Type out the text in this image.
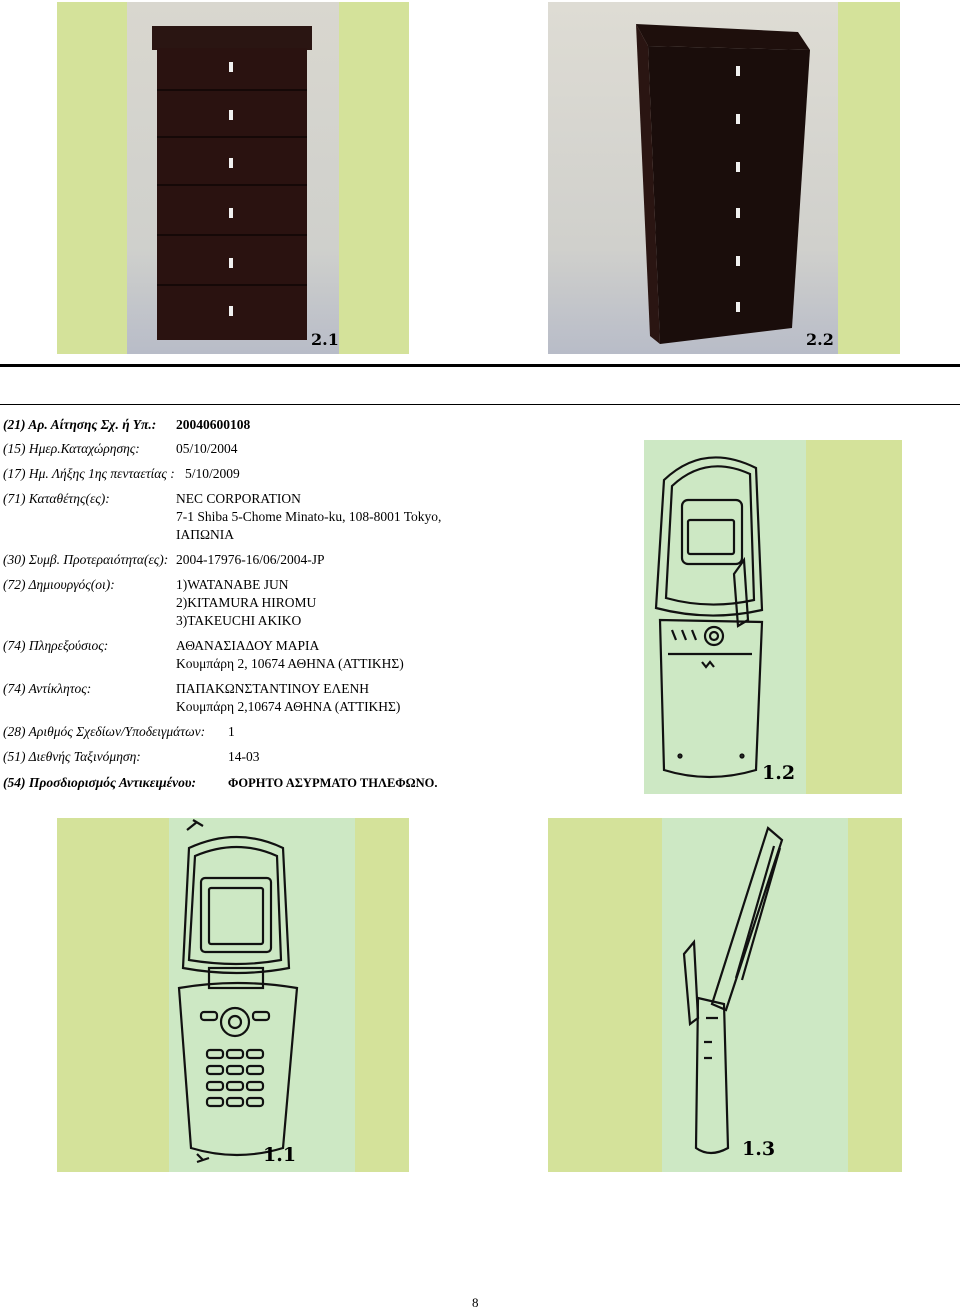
2.1	2.2
(21) Αρ. Αίτησης Σχ. ή Υπ.: 20040600108
(15) Ημερ.Καταχώρησης:	05/10/2004
(17) Ημ. Λήξης 1ης πενταετίας : 5/10/2009
(71) Καταθέτης(ες):	NEC CORPORATION
7-1 Shiba 5-Chome Minato-ku, 108-8001 Tokyo,
ΙΑΠΩΝΙΑ
(30) Συμβ. Προτεραιότητα(ες): 2004-17976-16/06/2004-JP
(72) Δημιουργός(οι):	1)WATANABE JUN
2)KITAMURA HIROMU
3)TAKEUCHI AKIKO
(74) Πληρεξούσιος:	ΑΘΑΝΑΣΙΑΔΟΥ ΜΑΡΙΑ
Κουμπάρη 2, 10674 ΑΘΗΝΑ (ΑΤΤΙΚΗΣ)
(74) Αντίκλητος:	ΠΑΠΑΚΩΝΣΤΑΝΤΙΝΟΥ ΕΛΕΝΗ
Κουμπάρη 2,10674 ΑΘΗΝΑ (ΑΤΤΙΚΗΣ)
(28) Αριθμός Σχεδίων/Υποδειγμάτων: 1
(51) Διεθνής Ταξινόμηση:	14-03
(54) Προσδιορισμός Αντικειμένου:	ΦΟΡΗΤΟ ΑΣΥΡΜΑΤΟ ΤΗΛΕΦΩΝΟ.	1.2
1.1	1.3
8
